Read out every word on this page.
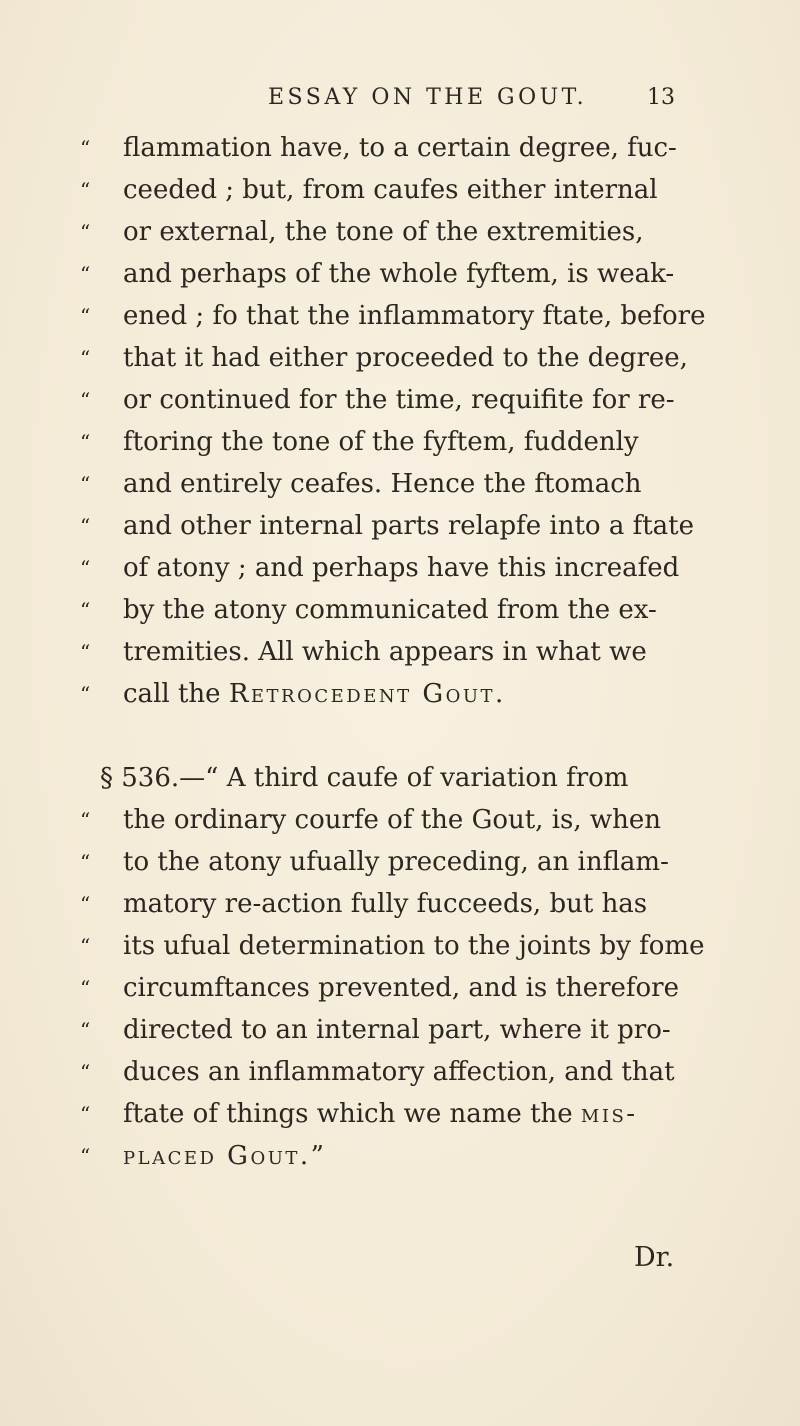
ESSAY ON THE GOUT.	13
“ flammation have, to a certain degree, fuc-
“ ceeded ; but, from caufes either internal
“ or external, the tone of the extremities,
“ and perhaps of the whole fyftem, is weak-
“ ened ; fo that the inflammatory ftate, before
“ that it had either proceeded to the degree,
“ or continued for the time, requifite for re-
“ ftoring the tone of the fyftem, fuddenly
“ and entirely ceafes. Hence the ftomach
“ and other internal parts relapfe into a ftate
“ of atony ; and perhaps have this increafed
“ by the atony communicated from the ex-
“ tremities. All which appears in what we
“ call the Retrocedent Gout.
§ 536.—“ A third caufe of variation from
“ the ordinary courfe of the Gout, is, when
“ to the atony ufually preceding, an inflam-
“ matory re-action fully fucceeds, but has
“ its ufual determination to the joints by fome
“ circumftances prevented, and is therefore
“ directed to an internal part, where it pro-
“ duces an inflammatory affection, and that
“ ftate of things which we name the mis-
“ placed Gout.”
Dr.
